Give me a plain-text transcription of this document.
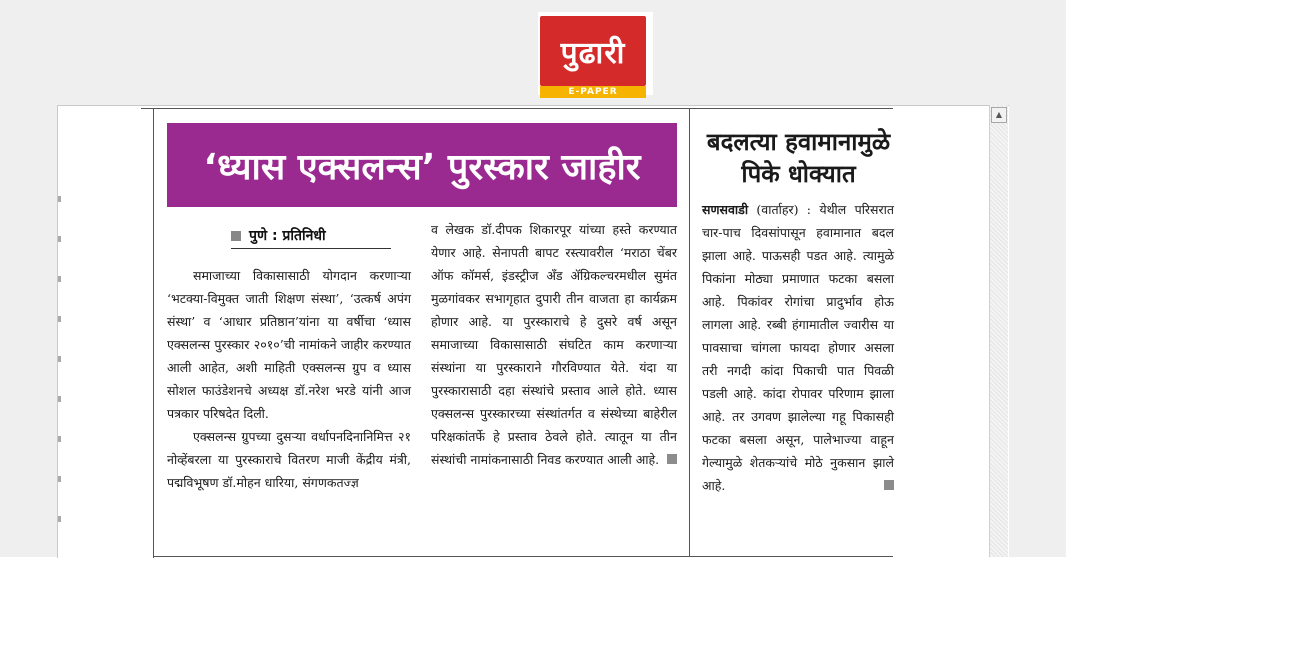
पुढारी
E-PAPER
‘ध्यास एक्सलन्स’ पुरस्कार जाहीर
पुणे : प्रतिनिधी

समाजाच्या विकासासाठी योगदान करणाऱ्या ‘भटक्या-विमुक्त जाती शिक्षण संस्था’, ‘उत्कर्ष अपंग संस्था’ व ‘आधार प्रतिष्ठान’यांना या वर्षीचा ‘ध्यास एक्सलन्स पुरस्कार २०१०’ची नामांकने जाहीर करण्यात आली आहेत, अशी माहिती एक्सलन्स ग्रुप व ध्यास सोशल फाउंडेशनचे अध्यक्ष डॉ.नरेश भरडे यांनी आज पत्रकार परिषदेत दिली.

एक्सलन्स ग्रुपच्या दुसऱ्या वर्धापनदिनानिमित्त २१ नोव्हेंबरला या पुरस्काराचे वितरण माजी केंद्रीय मंत्री, पद्मविभूषण डॉ.मोहन धारिया, संगणकतज्ज्ञ

व लेखक डॉ.दीपक शिकारपूर यांच्या हस्ते करण्यात येणार आहे. सेनापती बापट रस्त्यावरील ‘मराठा चेंबर ऑफ कॉमर्स, इंडस्ट्रीज अँड ॲग्रिकल्चरमधील सुमंत मुळगांवकर सभागृहात दुपारी तीन वाजता हा कार्यक्रम होणार आहे. या पुरस्काराचे हे दुसरे वर्ष असून समाजाच्या विकासासाठी संघटित काम करणाऱ्या संस्थांना या पुरस्काराने गौरविण्यात येते. यंदा या पुरस्कारासाठी दहा संस्थांचे प्रस्ताव आले होते. ध्यास एक्सलन्स पुरस्कारच्या संस्थांतर्गत व संस्थेच्या बाहेरील परिक्षकांतर्फे हे प्रस्ताव ठेवले होते. त्यातून या तीन संस्थांची नामांकनासाठी निवड करण्यात आली आहे.

बदलत्या हवामानामुळे पिके धोक्यात

सणसवाडी (वार्ताहर) : येथील परिसरात चार-पाच दिवसांपासून हवामानात बदल झाला आहे. पाऊसही पडत आहे. त्यामुळे पिकांना मोठ्या प्रमाणात फटका बसला आहे. पिकांवर रोगांचा प्रादुर्भाव होऊ लागला आहे. रब्बी हंगामातील ज्वारीस या पावसाचा चांगला फायदा होणार असला तरी नगदी कांदा पिकाची पात पिवळी पडली आहे. कांदा रोपावर परिणाम झाला आहे. तर उगवण झालेल्या गहू पिकासही फटका बसला असून, पालेभाज्या वाहून गेल्यामुळे शेतकऱ्यांचे मोठे नुकसान झाले आहे.

▲
